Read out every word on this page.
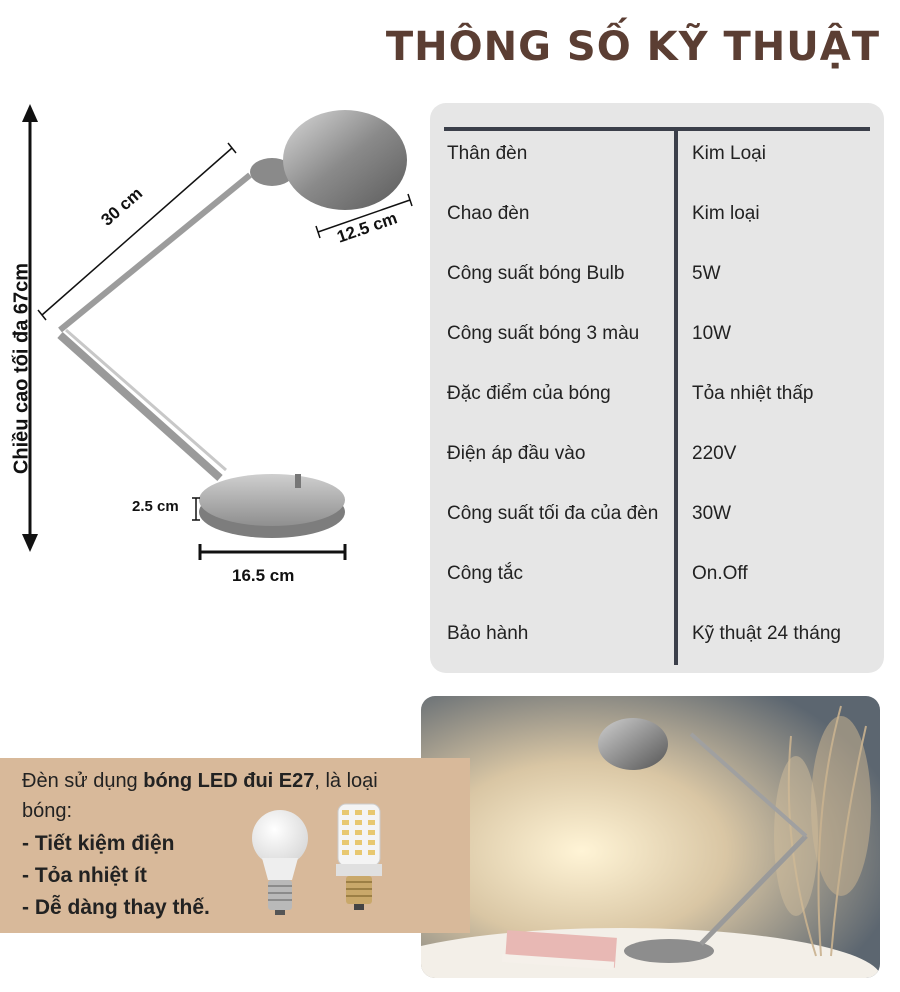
THÔNG SỐ KỸ THUẬT
Chiều cao tối đa 67cm
30 cm	12.5 cm
2.5 cm
16.5 cm
Thân đèn	Kim Loại
Chao đèn	Kim loại
Công suất bóng Bulb	5W
Công suất bóng 3 màu	10W
Đặc điểm của bóng	Tỏa nhiệt thấp
Điện áp đầu vào	220V
Công suất tối đa của đèn 30W
Công tắc	On.Off
Bảo hành	Kỹ thuật 24 tháng
Đèn sử dụng bóng LED đui E27, là loại bóng:
- Tiết kiệm điện
- Tỏa nhiệt ít
- Dễ dàng thay thế.
